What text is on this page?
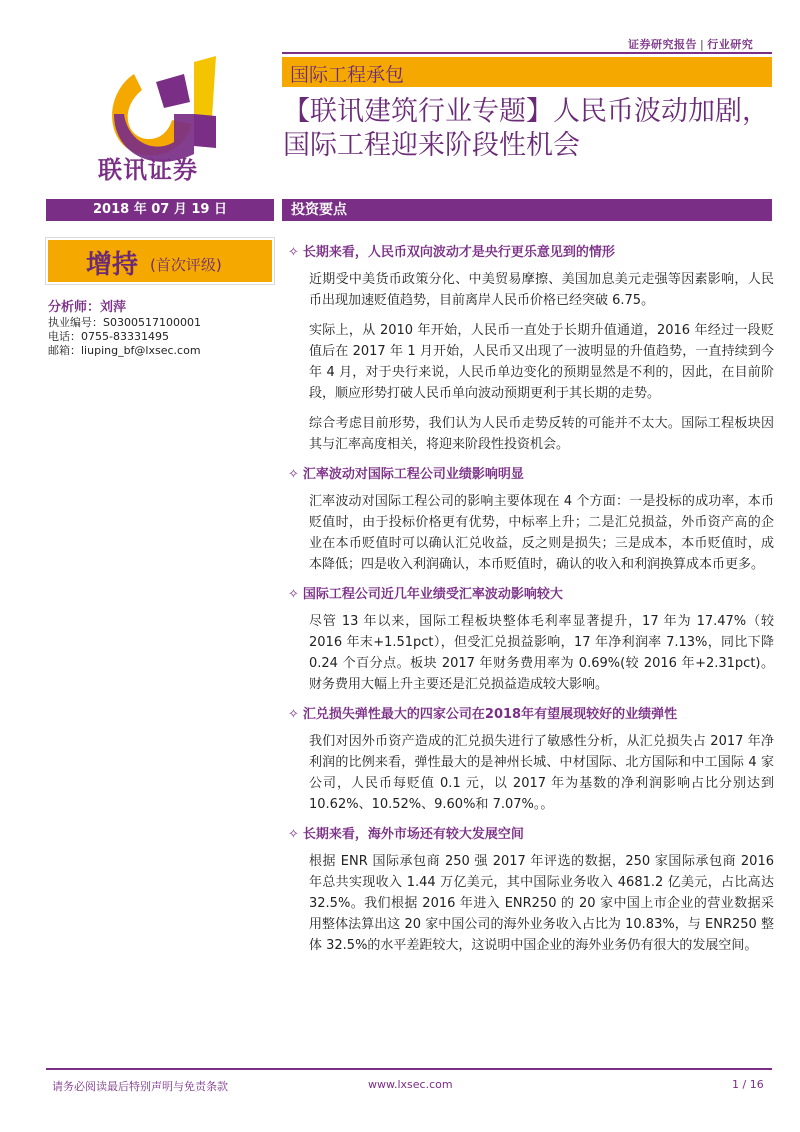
证券研究报告 | 行业研究
联讯证券
国际工程承包
【联讯建筑行业专题】人民币波动加剧，国际工程迎来阶段性机会
2018 年 07 月 19 日	投资要点
增持 (首次评级)
分析师：刘萍
执业编号：S0300517100001
电话：0755-83331495
邮箱：liuping_bf@lxsec.com
✧ 长期来看，人民币双向波动才是央行更乐意见到的情形

近期受中美货币政策分化、中美贸易摩擦、美国加息美元走强等因素影响，人民币出现加速贬值趋势，目前离岸人民币价格已经突破 6.75。

实际上，从 2010 年开始，人民币一直处于长期升值通道，2016 年经过一段贬值后在 2017 年 1 月开始，人民币又出现了一波明显的升值趋势，一直持续到今年 4 月，对于央行来说，人民币单边变化的预期显然是不利的，因此，在目前阶段，顺应形势打破人民币单向波动预期更利于其长期的走势。

综合考虑目前形势，我们认为人民币走势反转的可能并不太大。国际工程板块因其与汇率高度相关，将迎来阶段性投资机会。

✧ 汇率波动对国际工程公司业绩影响明显

汇率波动对国际工程公司的影响主要体现在 4 个方面：一是投标的成功率，本币贬值时，由于投标价格更有优势，中标率上升；二是汇兑损益，外币资产高的企业在本币贬值时可以确认汇兑收益，反之则是损失；三是成本，本币贬值时，成本降低；四是收入利润确认，本币贬值时，确认的收入和利润换算成本币更多。

✧ 国际工程公司近几年业绩受汇率波动影响较大

尽管 13 年以来，国际工程板块整体毛利率显著提升，17 年为 17.47%（较 2016 年末+1.51pct），但受汇兑损益影响，17 年净利润率 7.13%，同比下降 0.24 个百分点。板块 2017 年财务费用率为 0.69%(较 2016 年+2.31pct)。财务费用大幅上升主要还是汇兑损益造成较大影响。

✧ 汇兑损失弹性最大的四家公司在2018年有望展现较好的业绩弹性

我们对因外币资产造成的汇兑损失进行了敏感性分析，从汇兑损失占 2017 年净利润的比例来看，弹性最大的是神州长城、中材国际、北方国际和中工国际 4 家公司，人民币每贬值 0.1 元，以 2017 年为基数的净利润影响占比分别达到 10.62%、10.52%、9.60%和 7.07%。。

✧ 长期来看，海外市场还有较大发展空间

根据 ENR 国际承包商 250 强 2017 年评选的数据，250 家国际承包商 2016 年总共实现收入 1.44 万亿美元，其中国际业务收入 4681.2 亿美元，占比高达 32.5%。我们根据 2016 年进入 ENR250 的 20 家中国上市企业的营业数据采用整体法算出这 20 家中国公司的海外业务收入占比为 10.83%，与 ENR250 整体 32.5%的水平差距较大，这说明中国企业的海外业务仍有很大的发展空间。

请务必阅读最后特别声明与免责条款	www.lxsec.com	1 / 16
